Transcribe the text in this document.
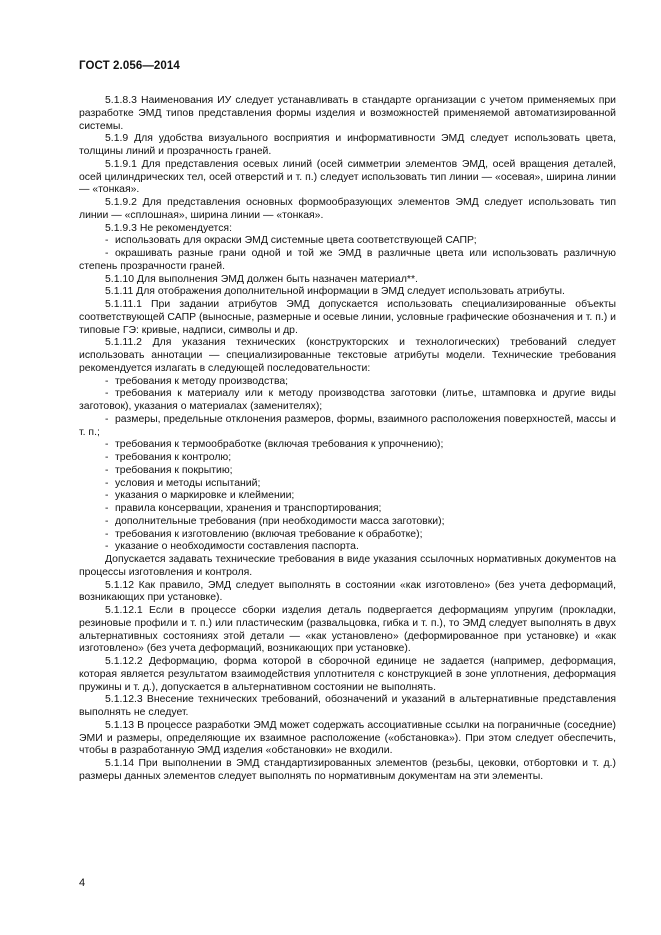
ГОСТ 2.056—2014

5.1.8.3 Наименования ИУ следует устанавливать в стандарте организации с учетом применяемых при разработке ЭМД типов представления формы изделия и возможностей применяемой автоматизированной системы.

5.1.9 Для удобства визуального восприятия и информативности ЭМД следует использовать цвета, толщины линий и прозрачность граней.

5.1.9.1 Для представления осевых линий (осей симметрии элементов ЭМД, осей вращения деталей, осей цилиндрических тел, осей отверстий и т. п.) следует использовать тип линии — «осевая», ширина линии — «тонкая».

5.1.9.2 Для представления основных формообразующих элементов ЭМД следует использовать тип линии — «сплошная», ширина линии — «тонкая».

5.1.9.3 Не рекомендуется:

- использовать для окраски ЭМД системные цвета соответствующей САПР;

- окрашивать разные грани одной и той же ЭМД в различные цвета или использовать различную степень прозрачности граней.

5.1.10 Для выполнения ЭМД должен быть назначен материал**.

5.1.11 Для отображения дополнительной информации в ЭМД следует использовать атрибуты.

5.1.11.1 При задании атрибутов ЭМД допускается использовать специализированные объекты соответствующей САПР (выносные, размерные и осевые линии, условные графические обозначения и т. п.) и типовые ГЭ: кривые, надписи, символы и др.

5.1.11.2 Для указания технических (конструкторских и технологических) требований следует использовать аннотации — специализированные текстовые атрибуты модели. Технические требования рекомендуется излагать в следующей последовательности:

- требования к методу производства;

- требования к материалу или к методу производства заготовки (литье, штамповка и другие виды заготовок), указания о материалах (заменителях);

- размеры, предельные отклонения размеров, формы, взаимного расположения поверхностей, массы и т. п.;

- требования к термообработке (включая требования к упрочнению);

- требования к контролю;

- требования к покрытию;

- условия и методы испытаний;

- указания о маркировке и клеймении;

- правила консервации, хранения и транспортирования;

- дополнительные требования (при необходимости масса заготовки);

- требования к изготовлению (включая требование к обработке);

- указание о необходимости составления паспорта.

Допускается задавать технические требования в виде указания ссылочных нормативных документов на процессы изготовления и контроля.

5.1.12 Как правило, ЭМД следует выполнять в состоянии «как изготовлено» (без учета деформаций, возникающих при установке).

5.1.12.1 Если в процессе сборки изделия деталь подвергается деформациям упругим (прокладки, резиновые профили и т. п.) или пластическим (развальцовка, гибка и т. п.), то ЭМД следует выполнять в двух альтернативных состояниях этой детали — «как установлено» (деформированное при установке) и «как изготовлено» (без учета деформаций, возникающих при установке).

5.1.12.2 Деформацию, форма которой в сборочной единице не задается (например, деформация, которая является результатом взаимодействия уплотнителя с конструкцией в зоне уплотнения, деформация пружины и т. д.), допускается в альтернативном состоянии не выполнять.

5.1.12.3 Внесение технических требований, обозначений и указаний в альтернативные представления выполнять не следует.

5.1.13 В процессе разработки ЭМД может содержать ассоциативные ссылки на пограничные (соседние) ЭМИ и размеры, определяющие их взаимное расположение («обстановка»). При этом следует обеспечить, чтобы в разработанную ЭМД изделия «обстановки» не входили.

5.1.14 При выполнении в ЭМД стандартизированных элементов (резьбы, цековки, отбортовки и т. д.) размеры данных элементов следует выполнять по нормативным документам на эти элементы.

4
